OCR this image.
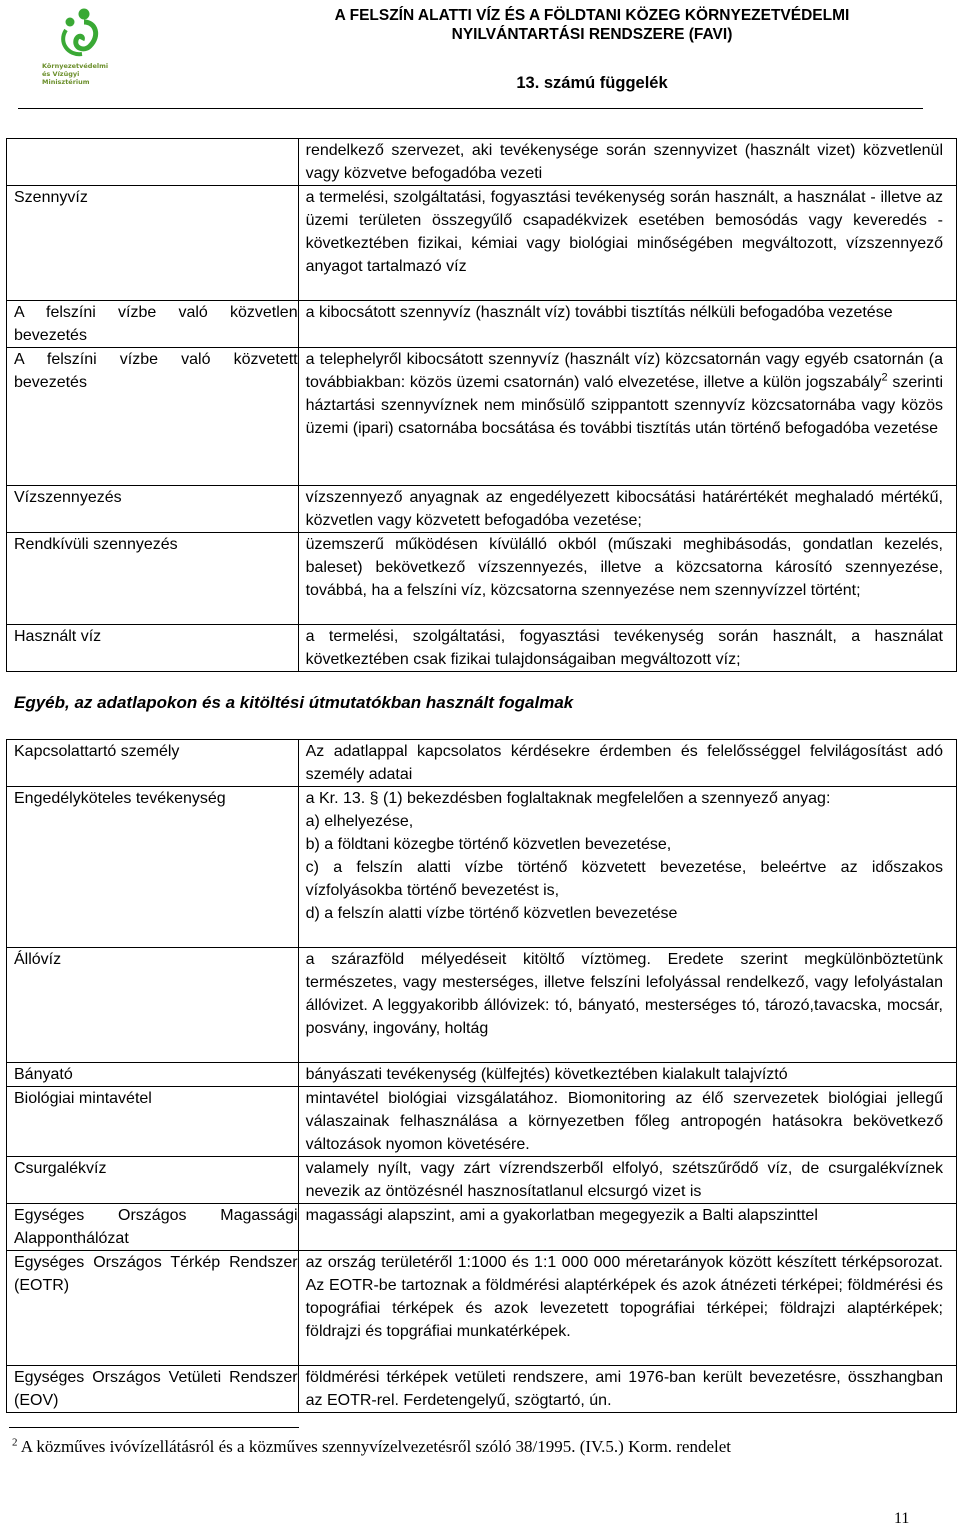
Környezetvédelmi és Vízügyi Minisztérium
A FELSZÍN ALATTI VÍZ ÉS A FÖLDTANI KÖZEG KÖRNYEZETVÉDELMI
NYILVÁNTARTÁSI RENDSZERE (FAVI)
13. számú függelék
	rendelkező szervezet, aki tevékenysége során szennyvizet (használt vizet) közvetlenül vagy közvetve befogadóba vezeti
Szennyvíz	a termelési, szolgáltatási, fogyasztási tevékenység során használt, a használat - illetve az üzemi területen összegyűlő csapadékvizek esetében bemosódás vagy keveredés - következtében fizikai, kémiai vagy biológiai minőségében megváltozott, vízszennyező anyagot tartalmazó víz
A felszíni vízbe való közvetlen bevezetés	a kibocsátott szennyvíz (használt víz) további tisztítás nélküli befogadóba vezetése
A felszíni vízbe való közvetett bevezetés	a telephelyről kibocsátott szennyvíz (használt víz) közcsatornán vagy egyéb csatornán (a továbbiakban: közös üzemi csatornán) való elvezetése, illetve a külön jogszabály$^2$ szerinti háztartási szennyvíznek nem minősülő szippantott szennyvíz közcsatornába vagy közös üzemi (ipari) csatornába bocsátása és további tisztítás után történő befogadóba vezetése
Vízszennyezés	vízszennyező anyagnak az engedélyezett kibocsátási határértékét meghaladó mértékű, közvetlen vagy közvetett befogadóba vezetése;
Rendkívüli szennyezés	üzemszerű működésen kívülálló okból (műszaki meghibásodás, gondatlan kezelés, baleset) bekövetkező vízszennyezés, illetve a közcsatorna károsító szennyezése, továbbá, ha a felszíni víz, közcsatorna szennyezése nem szennyvízzel történt;
Használt víz	a termelési, szolgáltatási, fogyasztási tevékenység során használt, a használat következtében csak fizikai tulajdonságaiban megváltozott víz;
Egyéb, az adatlapokon és a kitöltési útmutatókban használt fogalmak
Kapcsolattartó személy	Az adatlappal kapcsolatos kérdésekre érdemben és felelősséggel felvilágosítást adó személy adatai
Engedélyköteles tevékenység	a Kr. 13. § (1) bekezdésben foglaltaknak megfelelően a szennyező anyag:
a) elhelyezése,
b) a földtani közegbe történő közvetlen bevezetése,
c) a felszín alatti vízbe történő közvetett bevezetése, beleértve az időszakos vízfolyásokba történő bevezetést is,
d) a felszín alatti vízbe történő közvetlen bevezetése

Állóvíz	a szárazföld mélyedéseit kitöltő víztömeg. Eredete szerint megkülönböztetünk természetes, vagy mesterséges, illetve felszíni lefolyással rendelkező, vagy lefolyástalan állóvizet. A leggyakoribb állóvizek: tó, bányató, mesterséges tó, tározó,tavacska, mocsár, posvány, ingovány, holtág
Bányató	bányászati tevékenység (külfejtés) következtében kialakult talajvíztó
Biológiai mintavétel	mintavétel biológiai vizsgálatához. Biomonitoring az élő szervezetek biológiai jellegű válaszainak felhasználása a környezetben főleg antropogén hatásokra bekövetkező változások nyomon követésére.
Csurgalékvíz	valamely nyílt, vagy zárt vízrendszerből elfolyó, szétszűrődő víz, de csurgalékvíznek nevezik az öntözésnél hasznosítatlanul elcsurgó vizet is
Egységes Országos Magassági Alapponthálózat	magassági alapszint, ami a gyakorlatban megegyezik a Balti alapszinttel
Egységes Országos Térkép Rendszer (EOTR)	az ország területéről 1:1000 és 1:1 000 000 méretarányok között készített térképsorozat. Az EOTR-be tartoznak a földmérési alaptérképek és azok átnézeti térképei; földmérési és topográfiai térképek és azok levezetett topográfiai térképei; földrajzi alaptérképek; földrajzi és topgráfiai munkatérképek.
Egységes Országos Vetületi Rendszer (EOV)	földmérési térképek vetületi rendszere, ami 1976-ban került bevezetésre, összhangban az EOTR-rel. Ferdetengelyű, szögtartó, ún.
$^2$ A közműves ivóvízellátásról és a közműves szennyvízelvezetésről szóló 38/1995. (IV.5.) Korm. rendelet
11
